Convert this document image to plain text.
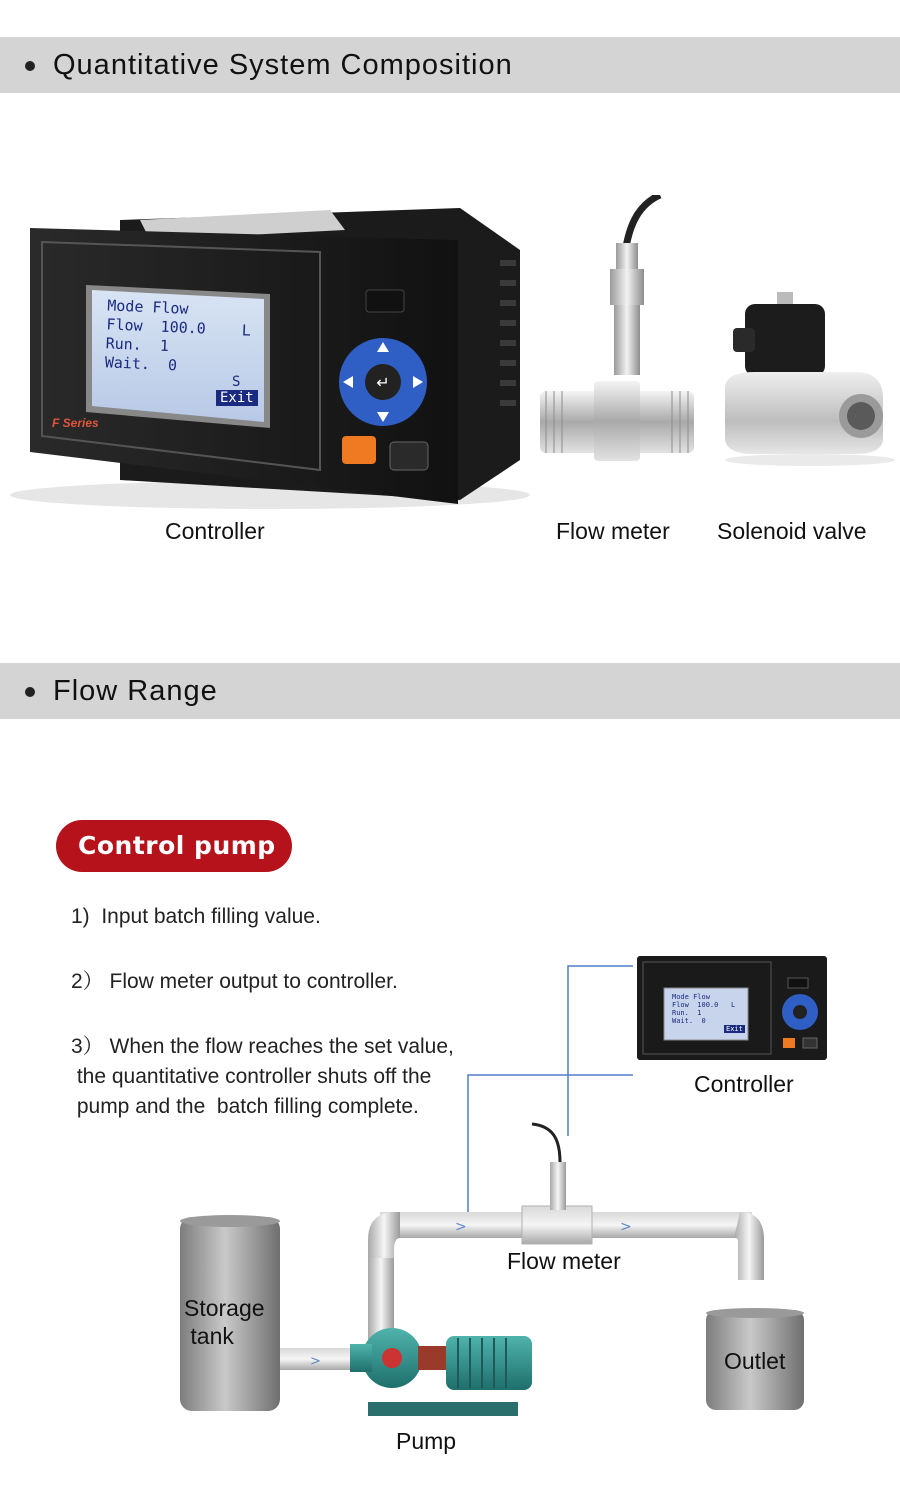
Quantitative System Composition
↵
Mode Flow
Flow  100.0    L
Run.  1
Wait.  0
S
Exit
F Series
Controller	Flow meter Solenoid valve
Flow Range
Control pump
1)  Input batch filling value.
2） Flow meter output to controller.
3） When the flow reaches the set value,
the quantitative controller shuts off the
pump and the  batch filling complete.
>	>
>
Mode Flow
Flow  100.0   L
Run.  1
Wait.  0
Exit
Controller
Flow meter
Storage
tank
Outlet
Pump
